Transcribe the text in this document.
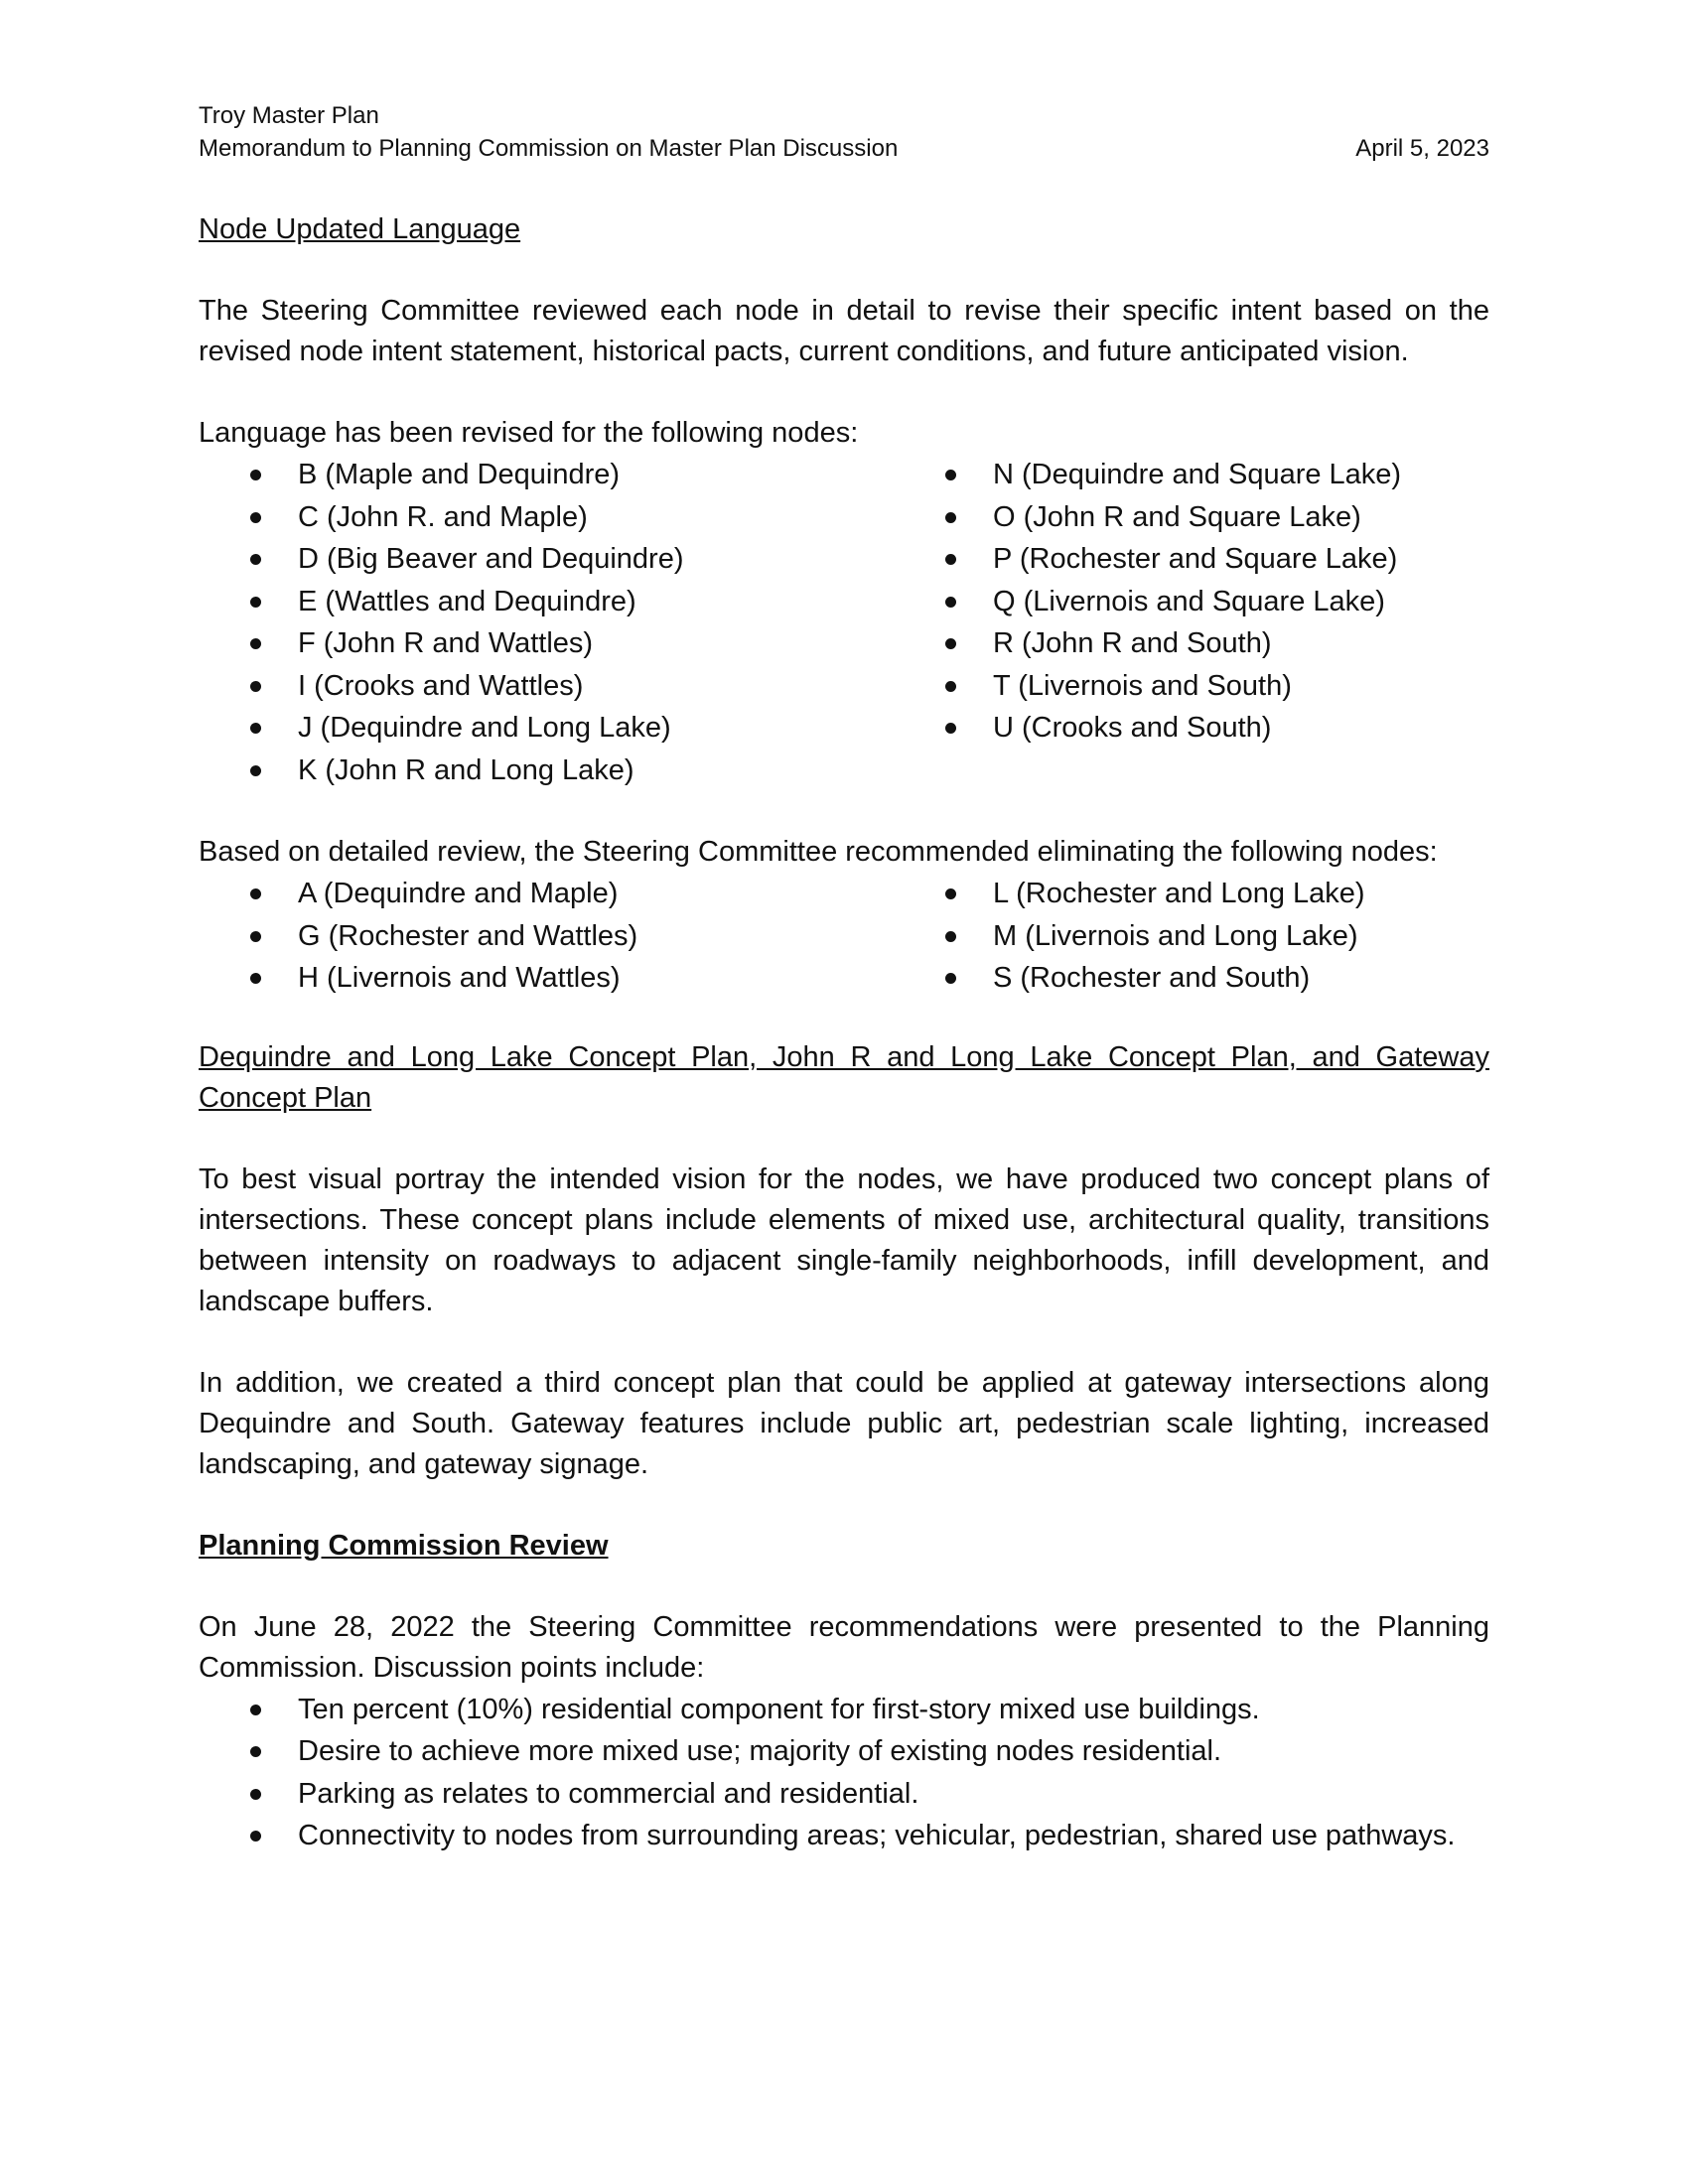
Troy Master Plan
Memorandum to Planning Commission on Master Plan Discussion	April 5, 2023
Node Updated Language

The Steering Committee reviewed each node in detail to revise their specific intent based on the revised node intent statement, historical pacts, current conditions, and future anticipated vision.

Language has been revised for the following nodes:

B (Maple and Dequindre)
C (John R. and Maple)
D (Big Beaver and Dequindre)
E (Wattles and Dequindre)
F (John R and Wattles)
I (Crooks and Wattles)
J (Dequindre and Long Lake)
K (John R and Long Lake)
N (Dequindre and Square Lake)
O (John R and Square Lake)
P (Rochester and Square Lake)
Q (Livernois and Square Lake)
R (John R and South)
T (Livernois and South)
U (Crooks and South)

Based on detailed review, the Steering Committee recommended eliminating the following nodes:

A (Dequindre and Maple)
G (Rochester and Wattles)
H (Livernois and Wattles)
L (Rochester and Long Lake)
M (Livernois and Long Lake)
S (Rochester and South)

Dequindre and Long Lake Concept Plan, John R and Long Lake Concept Plan, and Gateway Concept Plan

To best visual portray the intended vision for the nodes, we have produced two concept plans of intersections. These concept plans include elements of mixed use, architectural quality, transitions between intensity on roadways to adjacent single-family neighborhoods, infill development, and landscape buffers.

In addition, we created a third concept plan that could be applied at gateway intersections along Dequindre and South. Gateway features include public art, pedestrian scale lighting, increased landscaping, and gateway signage.

Planning Commission Review

On June 28, 2022 the Steering Committee recommendations were presented to the Planning Commission. Discussion points include:

Ten percent (10%) residential component for first-story mixed use buildings.
Desire to achieve more mixed use; majority of existing nodes residential.
Parking as relates to commercial and residential.
Connectivity to nodes from surrounding areas; vehicular, pedestrian, shared use pathways.
